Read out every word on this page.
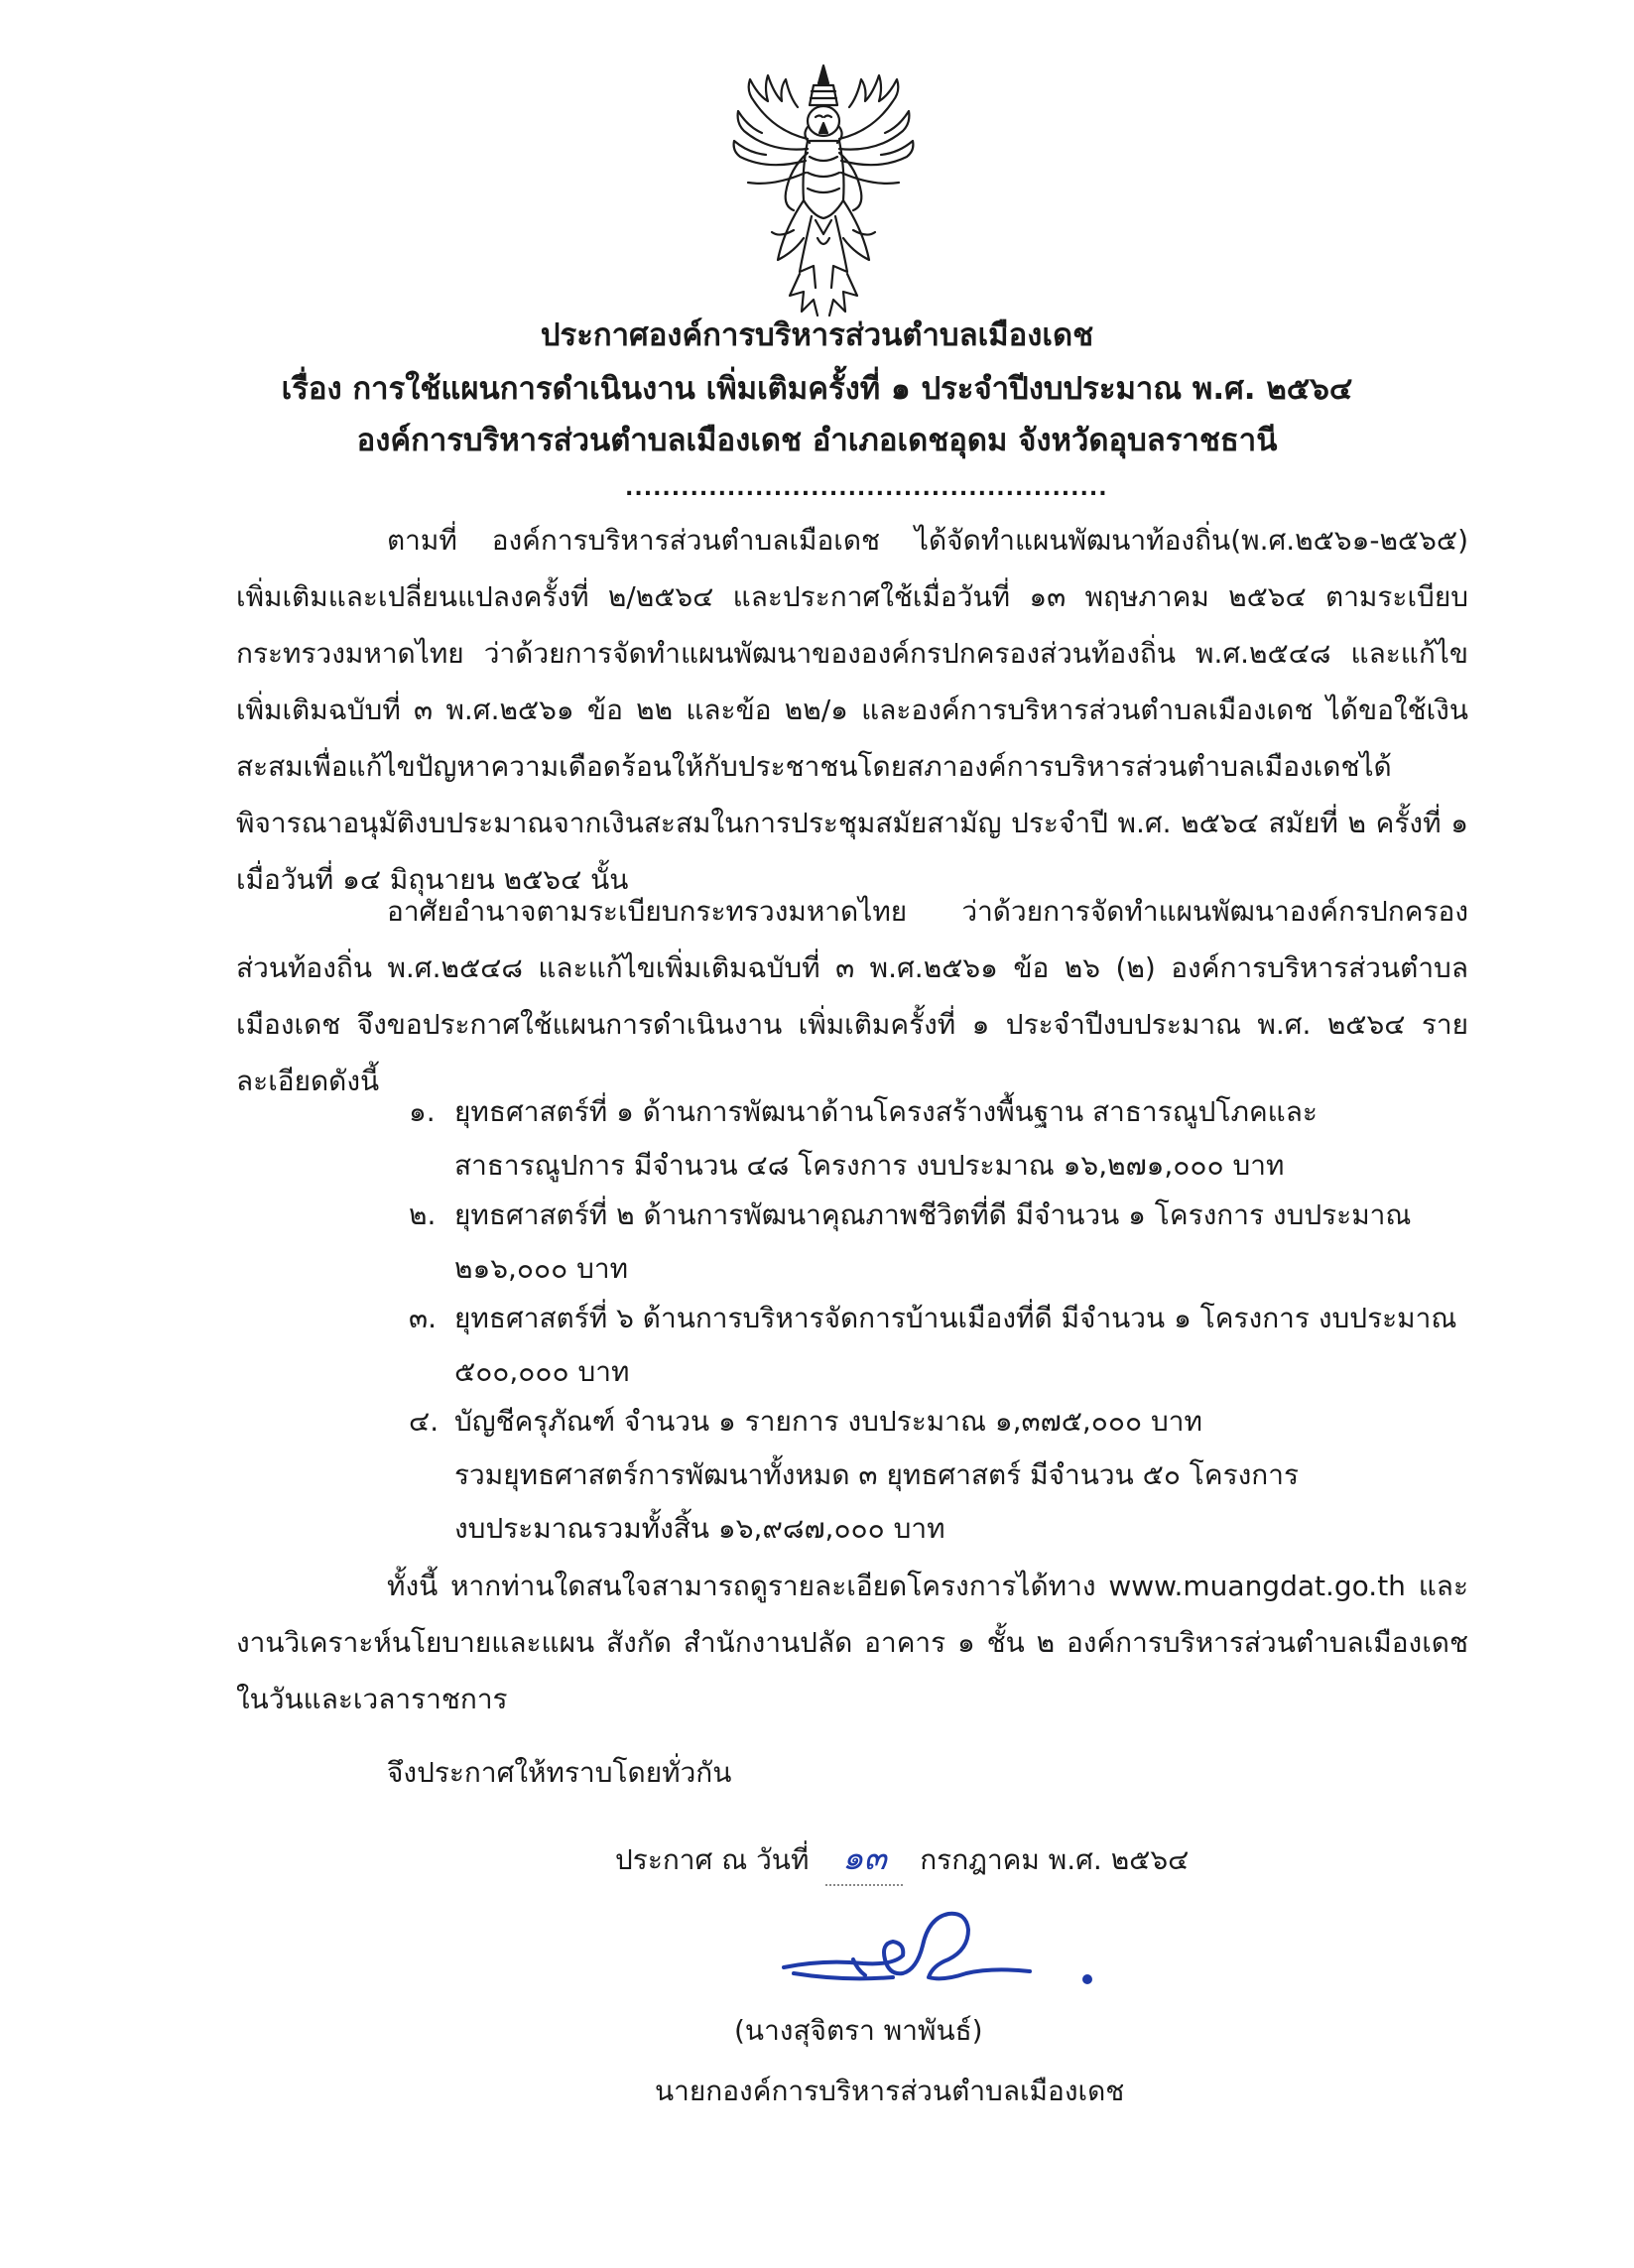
ประกาศองค์การบริหารส่วนตำบลเมืองเดช
เรื่อง การใช้แผนการดำเนินงาน เพิ่มเติมครั้งที่ ๑ ประจำปีงบประมาณ พ.ศ. ๒๕๖๔
องค์การบริหารส่วนตำบลเมืองเดช อำเภอเดชอุดม จังหวัดอุบลราชธานี
....................................................
ตามที่ องค์การบริหารส่วนตำบลเมือเดช ได้จัดทำแผนพัฒนาท้องถิ่น(พ.ศ.๒๕๖๑-๒๕๖๕) เพิ่มเติมและเปลี่ยนแปลงครั้งที่ ๒/๒๕๖๔ และประกาศใช้เมื่อวันที่ ๑๓ พฤษภาคม ๒๕๖๔ ตามระเบียบกระทรวงมหาดไทย ว่าด้วยการจัดทำแผนพัฒนาขององค์กรปกครองส่วนท้องถิ่น พ.ศ.๒๕๔๘ และแก้ไขเพิ่มเติมฉบับที่ ๓ พ.ศ.๒๕๖๑ ข้อ ๒๒ และข้อ ๒๒/๑ และองค์การบริหารส่วนตำบลเมืองเดช ได้ขอใช้เงินสะสมเพื่อแก้ไขปัญหาความเดือดร้อนให้กับประชาชนโดยสภาองค์การบริหารส่วนตำบลเมืองเดชได้พิจารณาอนุมัติงบประมาณจากเงินสะสมในการประชุมสมัยสามัญ ประจำปี พ.ศ. ๒๕๖๔ สมัยที่ ๒ ครั้งที่ ๑ เมื่อวันที่ ๑๔ มิถุนายน ๒๕๖๔ นั้น
อาศัยอำนาจตามระเบียบกระทรวงมหาดไทย ว่าด้วยการจัดทำแผนพัฒนาองค์กรปกครองส่วนท้องถิ่น พ.ศ.๒๕๔๘ และแก้ไขเพิ่มเติมฉบับที่ ๓ พ.ศ.๒๕๖๑ ข้อ ๒๖ (๒) องค์การบริหารส่วนตำบลเมืองเดช จึงขอประกาศใช้แผนการดำเนินงาน เพิ่มเติมครั้งที่ ๑ ประจำปีงบประมาณ พ.ศ. ๒๕๖๔ รายละเอียดดังนี้
๑. ยุทธศาสตร์ที่ ๑ ด้านการพัฒนาด้านโครงสร้างพื้นฐาน สาธารณูปโภคและสาธารณูปการ มีจำนวน ๔๘ โครงการ งบประมาณ ๑๖,๒๗๑,๐๐๐ บาท
๒. ยุทธศาสตร์ที่ ๒ ด้านการพัฒนาคุณภาพชีวิตที่ดี มีจำนวน ๑ โครงการ งบประมาณ ๒๑๖,๐๐๐ บาท
๓. ยุทธศาสตร์ที่ ๖ ด้านการบริหารจัดการบ้านเมืองที่ดี มีจำนวน ๑ โครงการ งบประมาณ ๕๐๐,๐๐๐ บาท
๔. บัญชีครุภัณฑ์ จำนวน ๑ รายการ งบประมาณ ๑,๓๗๕,๐๐๐ บาท
รวมยุทธศาสตร์การพัฒนาทั้งหมด ๓ ยุทธศาสตร์ มีจำนวน ๕๐ โครงการ
งบประมาณรวมทั้งสิ้น ๑๖,๙๘๗,๐๐๐ บาท
ทั้งนี้ หากท่านใดสนใจสามารถดูรายละเอียดโครงการได้ทาง www.muangdat.go.th และงานวิเคราะห์นโยบายและแผน สังกัด สำนักงานปลัด อาคาร ๑ ชั้น ๒ องค์การบริหารส่วนตำบลเมืองเดช ในวันและเวลาราชการ
จึงประกาศให้ทราบโดยทั่วกัน
ประกาศ ณ วันที่ ๑๓ กรกฎาคม พ.ศ. ๒๕๖๔
(นางสุจิตรา พาพันธ์)
นายกองค์การบริหารส่วนตำบลเมืองเดช
